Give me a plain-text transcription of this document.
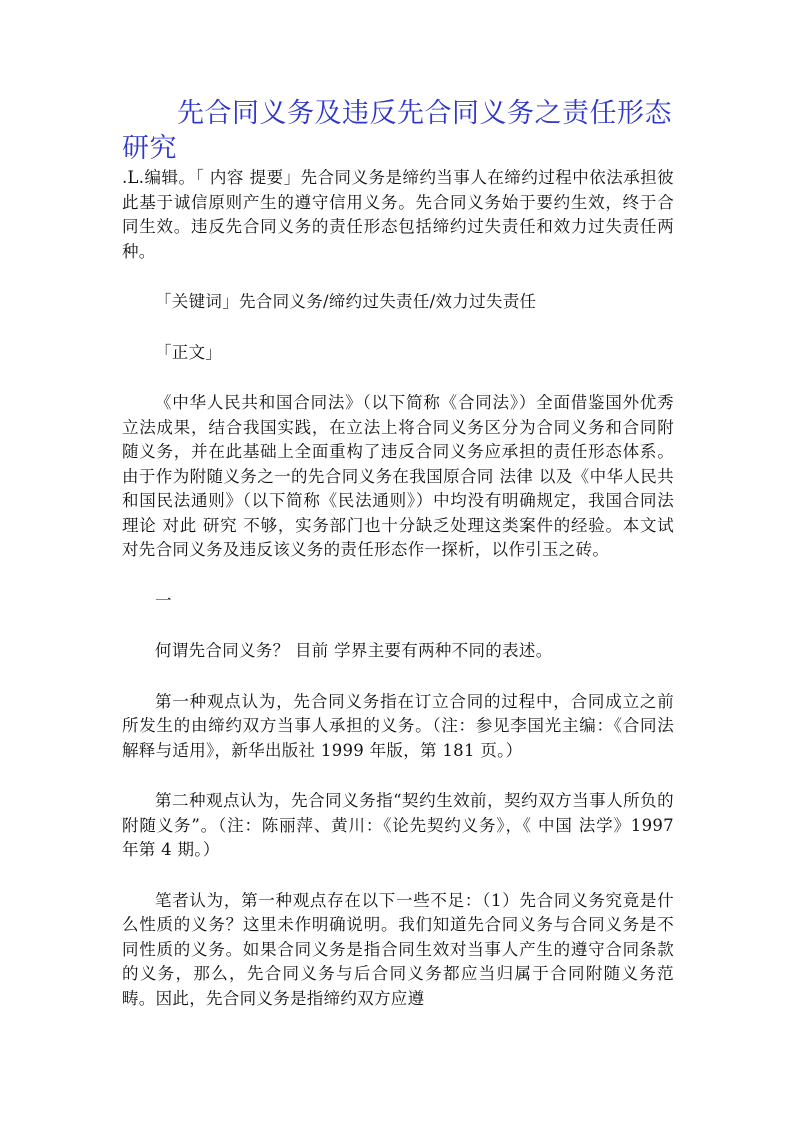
先合同义务及违反先合同义务之责任形态研究

.L.编辑。「 内容 提要」先合同义务是缔约当事人在缔约过程中依法承担彼此基于诚信原则产生的遵守信用义务。先合同义务始于要约生效，终于合同生效。违反先合同义务的责任形态包括缔约过失责任和效力过失责任两种。

「关键词」先合同义务/缔约过失责任/效力过失责任

「正文」

《中华人民共和国合同法》（以下简称《合同法》）全面借鉴国外优秀立法成果，结合我国实践，在立法上将合同义务区分为合同义务和合同附随义务，并在此基础上全面重构了违反合同义务应承担的责任形态体系。由于作为附随义务之一的先合同义务在我国原合同 法律 以及《中华人民共和国民法通则》（以下简称《民法通则》）中均没有明确规定，我国合同法 理论 对此 研究 不够，实务部门也十分缺乏处理这类案件的经验。本文试对先合同义务及违反该义务的责任形态作一探析，以作引玉之砖。

一

何谓先合同义务？ 目前 学界主要有两种不同的表述。

第一种观点认为，先合同义务指在订立合同的过程中，合同成立之前所发生的由缔约双方当事人承担的义务。（注：参见李国光主编：《合同法解释与适用》，新华出版社 1999 年版，第 181 页。）

第二种观点认为，先合同义务指“契约生效前，契约双方当事人所负的附随义务”。（注：陈丽萍、黄川：《论先契约义务》，《 中国 法学》1997 年第 4 期。）

笔者认为，第一种观点存在以下一些不足：（1）先合同义务究竟是什么性质的义务？这里未作明确说明。我们知道先合同义务与合同义务是不同性质的义务。如果合同义务是指合同生效对当事人产生的遵守合同条款的义务，那么，先合同义务与后合同义务都应当归属于合同附随义务范畴。因此，先合同义务是指缔约双方应遵
